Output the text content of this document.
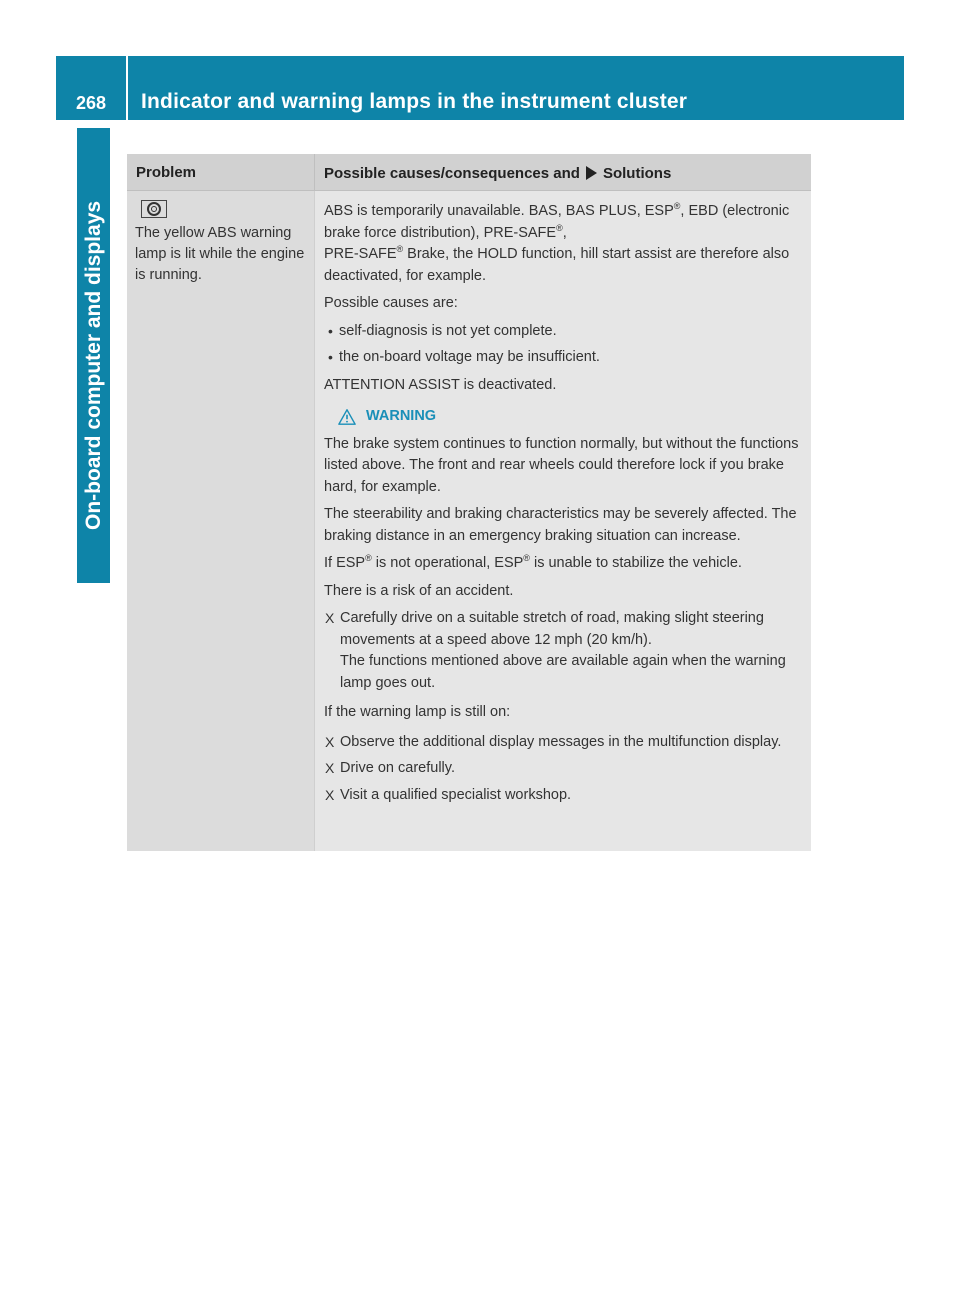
268	Indicator and warning lamps in the instrument cluster
On-board computer and displays
Problem	Possible causes/consequences and Solutions

The yellow ABS warning lamp is lit while the engine is running.

ABS is temporarily unavailable. BAS, BAS PLUS, ESP®, EBD (electronic brake force distribution), PRE-SAFE®,
PRE-SAFE® Brake, the HOLD function, hill start assist are therefore also deactivated, for example.

Possible causes are:

• self-diagnosis is not yet complete.
• the on-board voltage may be insufficient.

ATTENTION ASSIST is deactivated.

WARNING

The brake system continues to function normally, but without the functions listed above. The front and rear wheels could therefore lock if you brake hard, for example.

The steerability and braking characteristics may be severely affected. The braking distance in an emergency braking situation can increase.

If ESP® is not operational, ESP® is unable to stabilize the vehicle.

There is a risk of an accident.

X Carefully drive on a suitable stretch of road, making slight steering movements at a speed above 12 mph (20 km/h).

The functions mentioned above are available again when the warning lamp goes out.

If the warning lamp is still on:

X Observe the additional display messages in the multifunction display.

X Drive on carefully.

X Visit a qualified specialist workshop.
